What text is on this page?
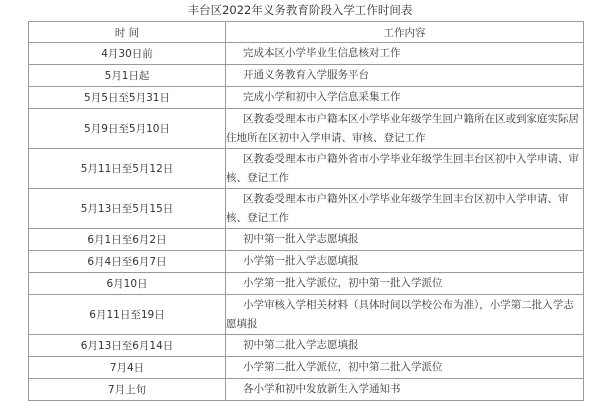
丰台区2022年义务教育阶段入学工作时间表
时 间	工作内容
4月30日前	完成本区小学毕业生信息核对工作
5月1日起	开通义务教育入学服务平台
5月5日至5月31日	完成小学和初中入学信息采集工作
5月9日至5月10日	区教委受理本市户籍本区小学毕业年级学生回户籍所在区或到家庭实际居住地所在区初中入学申请、审核、登记工作
5月11日至5月12日	区教委受理本市户籍外省市小学毕业年级学生回丰台区初中入学申请、审核、登记工作
5月13日至5月15日	区教委受理本市户籍外区小学毕业年级学生回丰台区初中入学申请、审核、登记工作
6月1日至6月2日	初中第一批入学志愿填报
6月4日至6月7日	小学第一批入学志愿填报
6月10日	小学第一批入学派位，初中第一批入学派位
6月11日至19日	小学审核入学相关材料（具体时间以学校公布为准），小学第二批入学志愿填报
6月13日至6月14日	初中第二批入学志愿填报
7月4日	小学第二批入学派位，初中第二批入学派位
7月上旬	各小学和初中发放新生入学通知书
